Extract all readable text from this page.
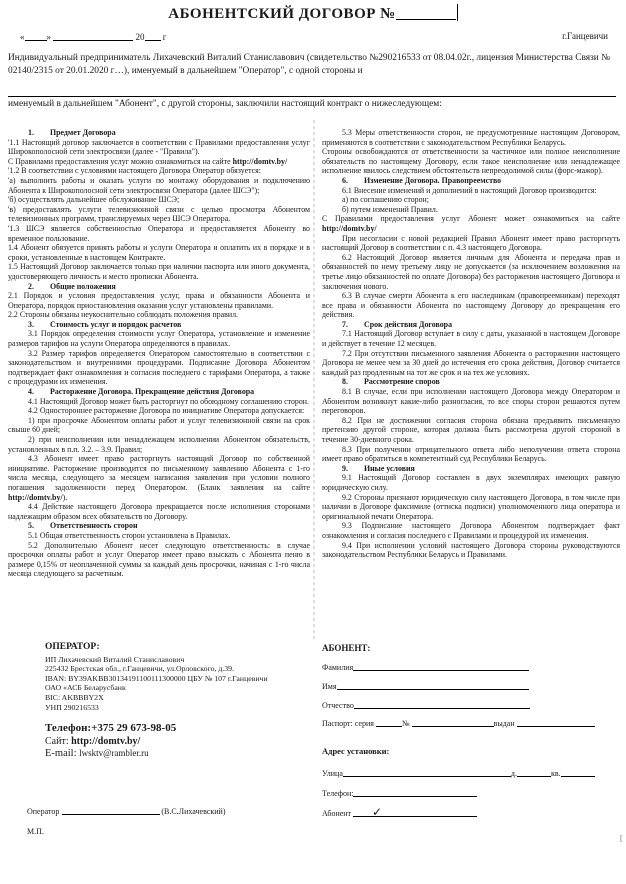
АБОНЕНТСКИЙ ДОГОВОР №
« »	20 г	г.Ганцевичи
Индивидуальный предприниматель Лихачевский Виталий Станиславович (свидетельство №290216533 от 08.04.02г., лицензия Министерства Связи № 02140/2315 от 20.01.2020 г…), именуемый в дальнейшем "Оператор", с одной стороны и
именуемый в дальнейшем "Абонент", с другой стороны, заключили настоящий контракт о нижеследующем:

1. Предмет Договора

'1.1 Настоящий договор заключается в соответствии с Правилами предоставления услуг Широкополосной сети электросвязи (далее - "Правила").

С Правилами предоставления услуг можно ознакомиться на сайте http://domtv.by/

'1.2 В соответствии с условиями настоящего Договора Оператор обязуется:

'а) выполнить работы и оказать услуги по монтажу оборудования и подключению Абонента к Широкополосной сети электросвязи Оператора (далее ШСЭ");

'б) осуществлять дальнейшее обслуживание ШСЭ;

'в) предоставлять услуги телевизионной связи с целью просмотра Абонентом телевизионных программ, транслируемых через ШСЭ Оператора.

'1.3 ШСЭ является собственностью Оператора и предоставляется Абоненту во временное пользование.

1.4 Абонент обязуется принять работы и услуги Оператора и оплатить их в порядке и в сроки, установленные в настоящем Контракте.

1.5 Настоящий Договор заключается только при наличии паспорта или иного документа, удостоверяющего личность и место прописки Абонента.

2. Общие положения

2.1 Порядок и условия предоставления услуг, права и обязанности Абонента и Оператора, порядок приостановления оказания услуг установлены правилами.

2.2 Стороны обязаны неукоснительно соблюдать положения правил.

3. Стоимость услуг и порядок расчетов

3.1 Порядок определения стоимости услуг Оператора, установление и изменение размеров тарифов на услуги Оператора определяются в правилах.

3.2 Размер тарифов определяется Оператором самостоятельно в соответствии с законодательством и внутренними процедурами. Подписание Договора Абонентом подтверждает факт ознакомления и согласия последнего с тарифами Оператора, а также с процедурами их изменения.

4. Расторжение Договора. Прекращение действия Договора

4.1 Настоящий Договор может быть расторгнут по обоюдному соглашению сторон.

4.2 Одностороннее расторжение Договора по инициативе Оператора допускается:

1) при просрочке Абонентом оплаты работ и услуг телевизионной связи на срок свыше 60 дней;

2) при неисполнении или ненадлежащем исполнении Абонентом обязательств, установленных в п.п. 3.2. – 3.9. Правил;

4.3 Абонент имеет право расторгнуть настоящий Договор по собственной инициативе. Расторжение производится по письменному заявлению Абонента с 1-го числа месяца, следующего за месяцем написания заявления при условии полного погашения задолженности перед Оператором. (Бланк заявления на сайте http://domtv.by/).

4.4 Действие настоящего Договора прекращается после исполнения сторонами надлежащим образом всех обязательств по Договору.

5. Ответственность сторон

5.1 Общая ответственность сторон установлена в Правилах.

5.2 Дополнительно Абонент несет следующую ответственность: в случае просрочки оплаты работ и услуг Оператор имеет право взыскать с Абонента пеню в размере 0,15% от неоплаченной суммы за каждый день просрочки, начиная с 1-го числа месяца следующего за расчетным.

5.3 Меры ответственности сторон, не предусмотренные настоящим Договором, применяются в соответствии с законодательством Республики Беларусь.

Стороны освобождаются от ответственности за частичное или полное неисполнение обязательств по настоящему Договору, если такое неисполнение или ненадлежащее исполнение явилось следствием обстоятельств непреодолимой силы (форс-мажор).

6. Изменение Договора. Правопреемство

6.1 Внесение изменений и дополнений в настоящий Договор производится:

а) по соглашению сторон;

б) путем изменений Правил.

С Правилами предоставления услуг Абонент может ознакомиться на сайте http://domtv.by/

При несогласии с новой редакцией Правил Абонент имеет право расторгнуть настоящий Договор в соответствии с п. 4.3 настоящего Договора.

6.2 Настоящий Договор является личным для Абонента и передача прав и обязанностей по нему третьему лицу не допускается (за исключением возложения на третье лицо обязанностей по оплате Договора) без расторжения настоящего Договора и заключения нового.

6.3 В случае смерти Абонента к его наследникам (правопреемникам) переходят все права и обязанности Абонента по настоящему Договору до прекращения его действия.

7. Срок действия Договора

7.1 Настоящий Договор вступает в силу с даты, указанной в настоящем Договоре и действует в течение 12 месяцев.

7.2 При отсутствии письменного заявления Абонента о расторжении настоящего Договора не менее чем за 30 дней до истечения его срока действия, Договор считается каждый раз продленным на тот же срок и на тех же условиях.

8. Рассмотрение споров

8.1 В случае, если при исполнении настоящего Договора между Оператором и Абонентом возникнут какие-либо разногласия, то все споры сторон решаются путем переговоров.

8.2 При не достижении согласия сторона обязана предъявить письменную претензию другой стороне, которая должна быть рассмотрена другой стороной в течение 30-дневного срока.

8.3 При получении отрицательного ответа либо неполучении ответа сторона имеет право обратиться в компетентный суд Республики Беларусь.

9. Иные условия

9.1 Настоящий Договор составлен в двух экземплярах имеющих равную юридическую силу.

9.2 Стороны признают юридическую силу настоящего Договора, в том числе при наличии в Договоре факсимиле (оттиска подписи) уполномоченного лица оператора и оригинальной печати Оператора.

9.3 Подписание настоящего Договора Абонентом подтверждает факт ознакомления и согласия последнего с Правилами и процедурой их изменения.

9.4 При исполнении условий настоящего Договора стороны руководствуются законодательством Республики Беларусь и Правилами.

ОПЕРАТОР:
ИП Лихачевский Виталий Станиславович
225432 Брестская обл., г.Ганцевичи, ул.Орловского, д.39.
IBAN: BY39AKBB30134191100111300000 ЦБУ № 107 г.Ганцевичи
ОАО «АСБ Беларусбанк
BIC: AKBBBY2X
УНП 290216533
Телефон:+375 29 673-98-05
Сайт: http://domtv.by/
E-mail: lwsktv@rambler.ru
Оператор	(В.С.Лихачевский)
М.П.
АБОНЕНТ:
Фамилия
Имя
Отчество
Паспорт: серия	№	выдан
Адрес установки:
Улица	д.	кв.
Телефон:
Абонент	✓
[
